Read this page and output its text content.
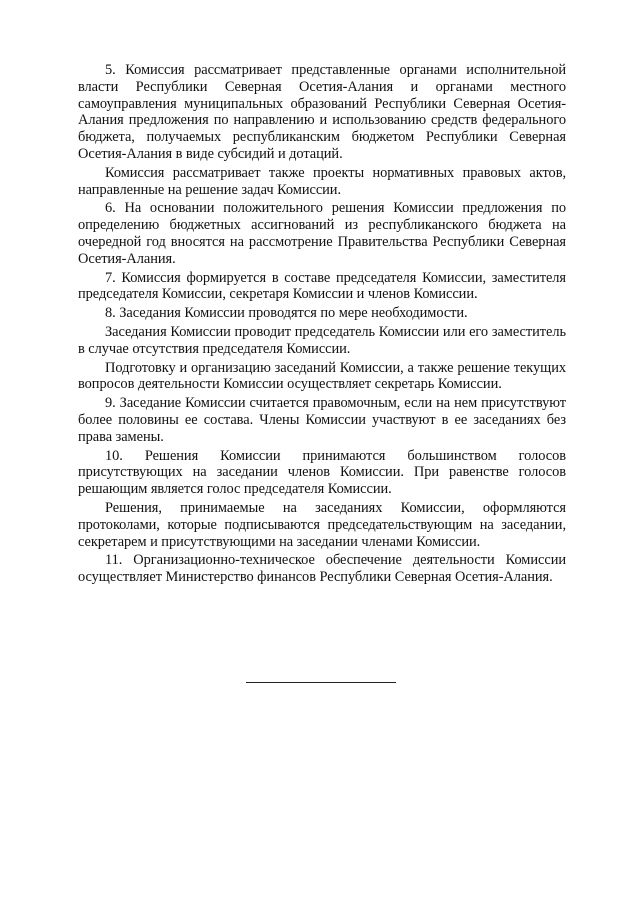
5. Комиссия рассматривает представленные органами исполнительной власти Республики Северная Осетия-Алания и органами местного самоуправления муниципальных образований Республики Северная Осетия-Алания предложения по направлению и использованию средств федерального бюджета, получаемых республиканским бюджетом Республики Северная Осетия-Алания в виде субсидий и дотаций.

Комиссия рассматривает также проекты нормативных правовых актов, направленные на решение задач Комиссии.

6. На основании положительного решения Комиссии предложения по определению бюджетных ассигнований из республиканского бюджета на очередной год вносятся на рассмотрение Правительства Республики Северная Осетия-Алания.

7. Комиссия формируется в составе председателя Комиссии, заместителя председателя Комиссии, секретаря Комиссии и членов Комиссии.

8. Заседания Комиссии проводятся по мере необходимости.

Заседания Комиссии проводит председатель Комиссии или его заместитель в случае отсутствия председателя Комиссии.

Подготовку и организацию заседаний Комиссии, а также решение текущих вопросов деятельности Комиссии осуществляет секретарь Комиссии.

9. Заседание Комиссии считается правомочным, если на нем присутствуют более половины ее состава. Члены Комиссии участвуют в ее заседаниях без права замены.

10. Решения Комиссии принимаются большинством голосов присутствующих на заседании членов Комиссии. При равенстве голосов решающим является голос председателя Комиссии.

Решения, принимаемые на заседаниях Комиссии, оформляются протоколами, которые подписываются председательствующим на заседании, секретарем и присутствующими на заседании членами Комиссии.

11. Организационно-техническое обеспечение деятельности Комиссии осуществляет Министерство финансов Республики Северная Осетия-Алания.
